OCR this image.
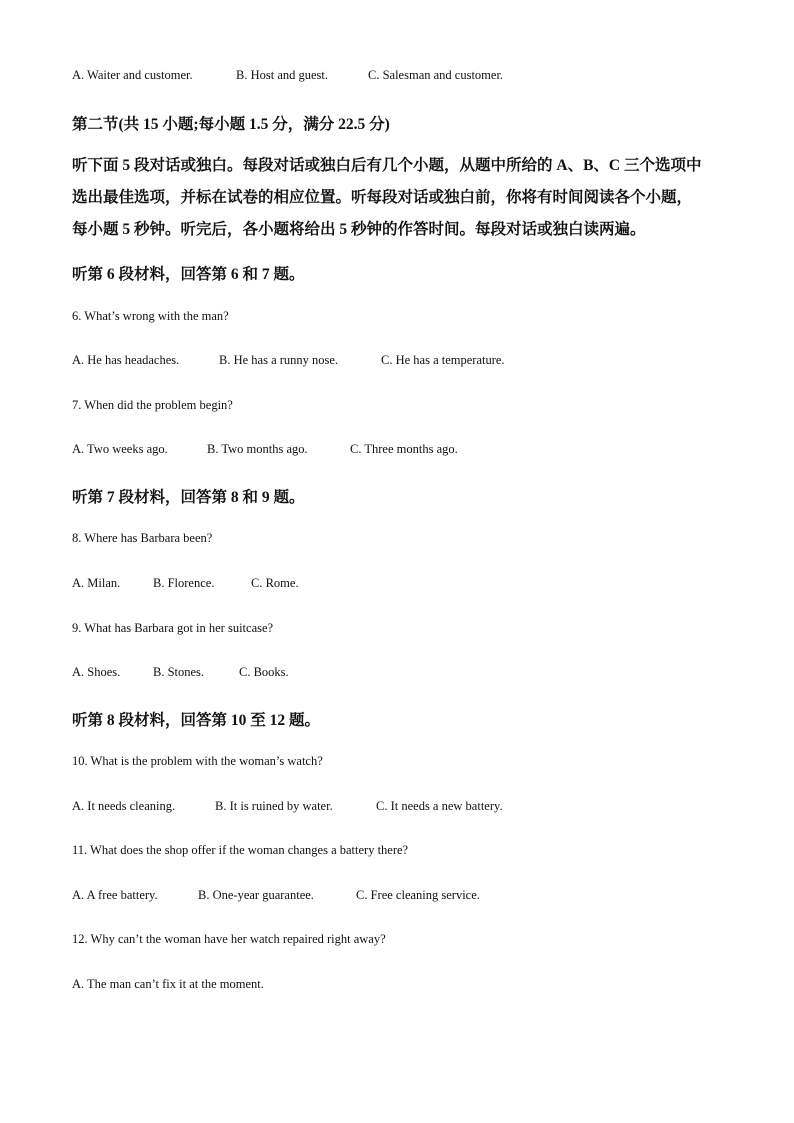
A. Waiter and customer.	B. Host and guest.	C. Salesman and customer.
第二节(共 15 小题;每小题 1.5 分，满分 22.5 分)
听下面 5 段对话或独白。每段对话或独白后有几个小题，从题中所给的 A、B、C 三个选项中
选出最佳选项，并标在试卷的相应位置。听每段对话或独白前，你将有时间阅读各个小题，
每小题 5 秒钟。听完后，各小题将给出 5 秒钟的作答时间。每段对话或独白读两遍。
听第 6 段材料，回答第 6 和 7 题。
6. What’s wrong with the man?
A. He has headaches.	B. He has a runny nose.	C. He has a temperature.
7. When did the problem begin?
A. Two weeks ago.	B. Two months ago.	C. Three months ago.
听第 7 段材料，回答第 8 和 9 题。
8. Where has Barbara been?
A. Milan.	B. Florence.	C. Rome.
9. What has Barbara got in her suitcase?
A. Shoes.	B. Stones.	C. Books.
听第 8 段材料，回答第 10 至 12 题。
10. What is the problem with the woman’s watch?
A. It needs cleaning.	B. It is ruined by water.	C. It needs a new battery.
11. What does the shop offer if the woman changes a battery there?
A. A free battery.	B. One-year guarantee.	C. Free cleaning service.
12. Why can’t the woman have her watch repaired right away?
A. The man can’t fix it at the moment.
